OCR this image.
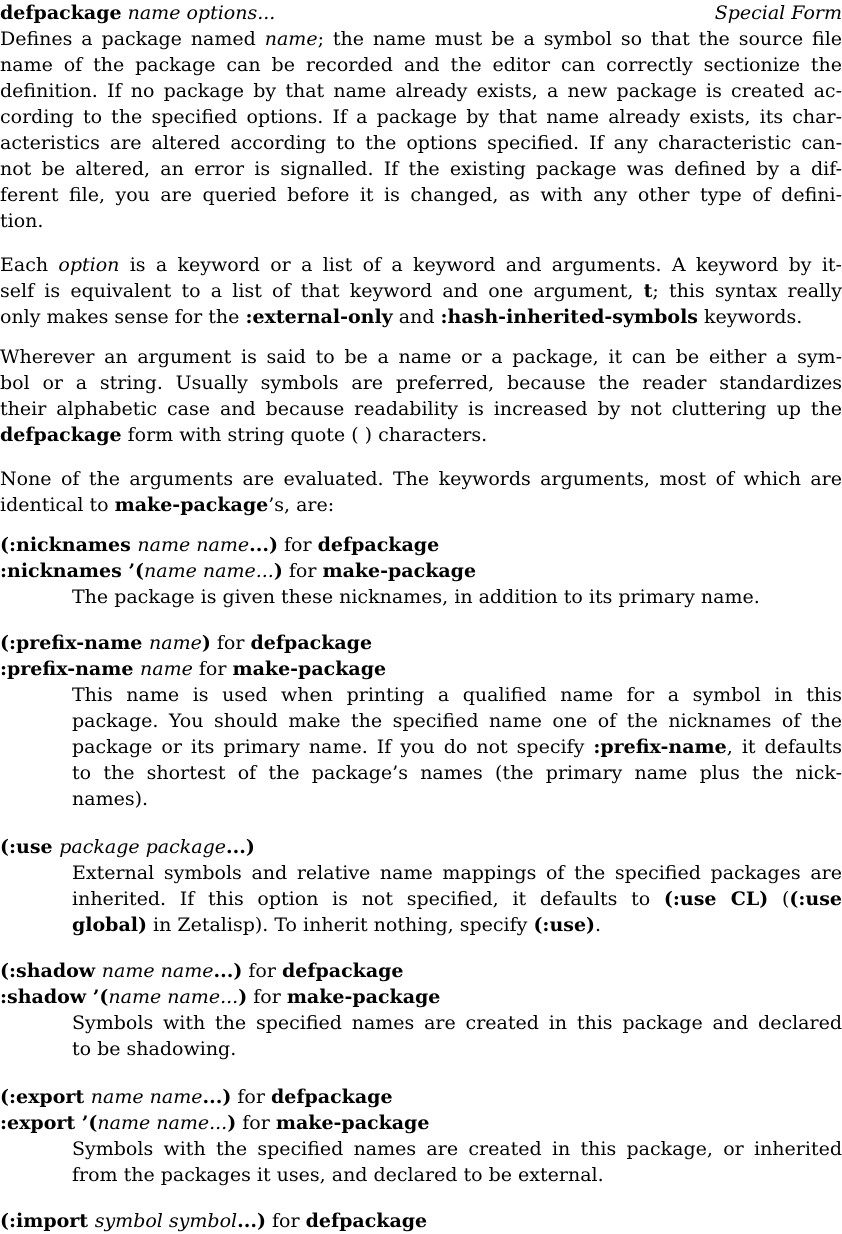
defpackage name options...	Special Form
Defines a package named name; the name must be a symbol so that the source file
name of the package can be recorded and the editor can correctly sectionize the
definition. If no package by that name already exists, a new package is created ac-
cording to the specified options. If a package by that name already exists, its char-
acteristics are altered according to the options specified. If any characteristic can-
not be altered, an error is signalled. If the existing package was defined by a dif-
ferent file, you are queried before it is changed, as with any other type of defini-
tion.
Each option is a keyword or a list of a keyword and arguments. A keyword by it-
self is equivalent to a list of that keyword and one argument, t; this syntax really
only makes sense for the :external-only and :hash-inherited-symbols keywords.
Wherever an argument is said to be a name or a package, it can be either a sym-
bol or a string. Usually symbols are preferred, because the reader standardizes
their alphabetic case and because readability is increased by not cluttering up the
defpackage form with string quote ( ) characters.
None of the arguments are evaluated. The keywords arguments, most of which are
identical to make-package’s, are:
(:nicknames name name...) for defpackage
:nicknames ’(name name...) for make-package
The package is given these nicknames, in addition to its primary name.
(:prefix-name name) for defpackage
:prefix-name name for make-package
This name is used when printing a qualified name for a symbol in this
package. You should make the specified name one of the nicknames of the
package or its primary name. If you do not specify :prefix-name, it defaults
to the shortest of the package’s names (the primary name plus the nick-
names).
(:use package package...)
External symbols and relative name mappings of the specified packages are
inherited. If this option is not specified, it defaults to (:use CL) ((:use
global) in Zetalisp). To inherit nothing, specify (:use).
(:shadow name name...) for defpackage
:shadow ’(name name...) for make-package
Symbols with the specified names are created in this package and declared
to be shadowing.
(:export name name...) for defpackage
:export ’(name name...) for make-package
Symbols with the specified names are created in this package, or inherited
from the packages it uses, and declared to be external.
(:import symbol symbol...) for defpackage
